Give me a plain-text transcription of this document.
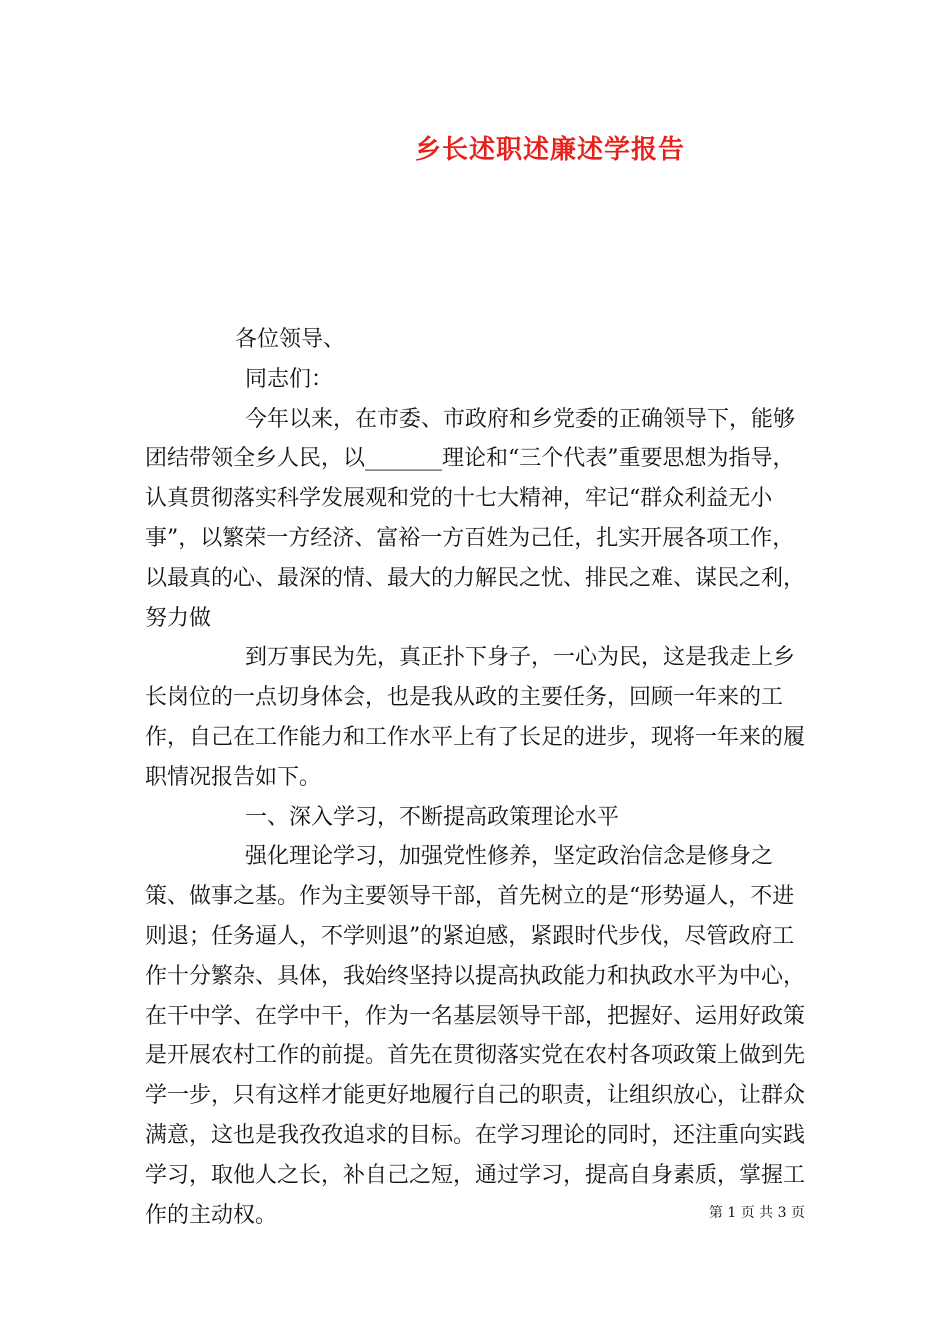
乡长述职述廉述学报告

各位领导、

同志们：

今年以来，在市委、市政府和乡党委的正确领导下，能够团结带领全乡人民，以_______理论和“三个代表”重要思想为指导，认真贯彻落实科学发展观和党的十七大精神，牢记“群众利益无小事”，以繁荣一方经济、富裕一方百姓为己任，扎实开展各项工作，以最真的心、最深的情、最大的力解民之忧、排民之难、谋民之利，努力做

到万事民为先，真正扑下身子，一心为民，这是我走上乡长岗位的一点切身体会，也是我从政的主要任务，回顾一年来的工作，自己在工作能力和工作水平上有了长足的进步，现将一年来的履职情况报告如下。

一、深入学习，不断提高政策理论水平

强化理论学习，加强党性修养，坚定政治信念是修身之策、做事之基。作为主要领导干部，首先树立的是“形势逼人，不进则退；任务逼人，不学则退”的紧迫感，紧跟时代步伐，尽管政府工作十分繁杂、具体，我始终坚持以提高执政能力和执政水平为中心，在干中学、在学中干，作为一名基层领导干部，把握好、运用好政策是开展农村工作的前提。首先在贯彻落实党在农村各项政策上做到先学一步，只有这样才能更好地履行自己的职责，让组织放心，让群众满意，这也是我孜孜追求的目标。在学习理论的同时，还注重向实践学习，取他人之长，补自己之短，通过学习，提高自身素质，掌握工作的主动权。	第 1 页 共 3 页
